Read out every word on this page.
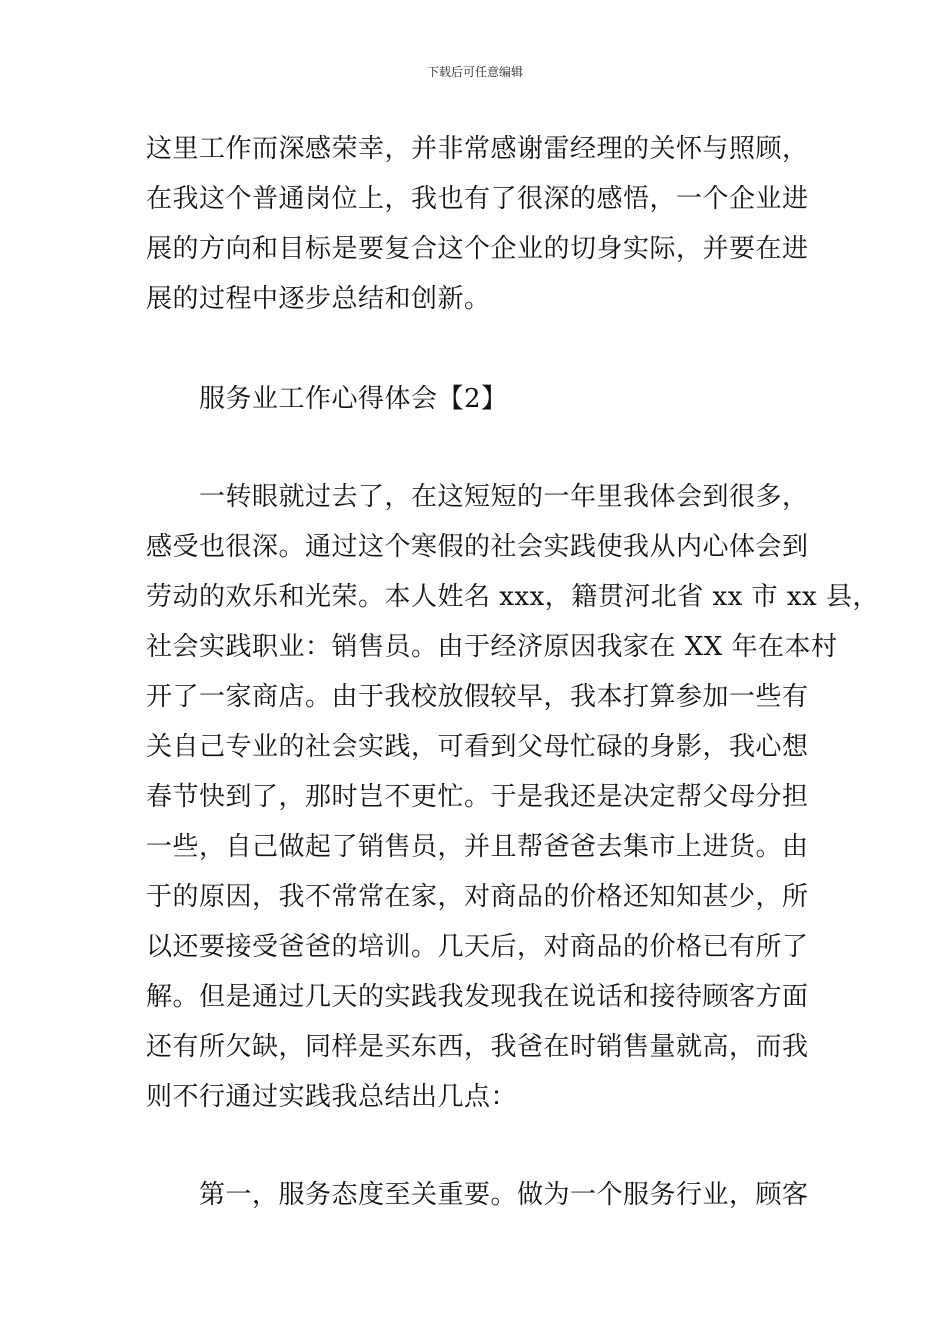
下载后可任意编辑
这里工作而深感荣幸，并非常感谢雷经理的关怀与照顾，
在我这个普通岗位上，我也有了很深的感悟，一个企业进
展的方向和目标是要复合这个企业的切身实际，并要在进
展的过程中逐步总结和创新。
服务业工作心得体会【2】
一转眼就过去了，在这短短的一年里我体会到很多，
感受也很深。通过这个寒假的社会实践使我从内心体会到
劳动的欢乐和光荣。本人姓名 xxx，籍贯河北省 xx 市 xx 县，
社会实践职业：销售员。由于经济原因我家在 XX 年在本村
开了一家商店。由于我校放假较早，我本打算参加一些有
关自己专业的社会实践，可看到父母忙碌的身影，我心想
春节快到了，那时岂不更忙。于是我还是决定帮父母分担
一些，自己做起了销售员，并且帮爸爸去集市上进货。由
于的原因，我不常常在家，对商品的价格还知知甚少，所
以还要接受爸爸的培训。几天后，对商品的价格已有所了
解。但是通过几天的实践我发现我在说话和接待顾客方面
还有所欠缺，同样是买东西，我爸在时销售量就高，而我
则不行通过实践我总结出几点：
第一，服务态度至关重要。做为一个服务行业，顾客
